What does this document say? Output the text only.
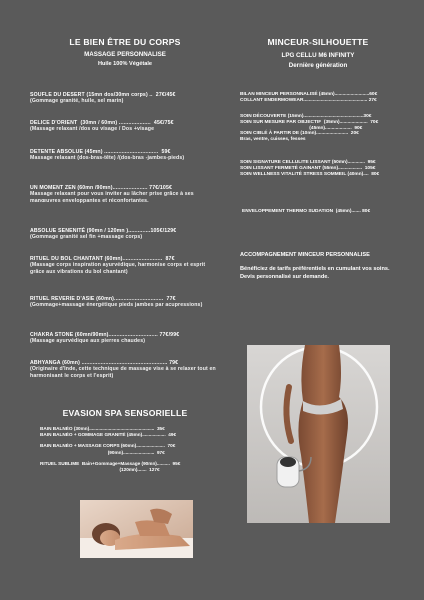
LE BIEN ÊTRE DU CORPS
MASSAGE PERSONNALISE
Huile 100% Végétale
SOUFLE DU DESERT (15mn dos/30mn corps) ..  27€/45€
(Gommage granité, huile, sel marin)
DELICE D'ORIENT  (30mn / 60mn) ....................  45€/75€
(Massage relaxant /dos ou visage / Dos +visage
DETENTE ABSOLUE (45mn) ..................................  59€
Massage relaxant (dos-bras-tête) /(dos-bras -jambes-pieds)
UN MOMENT ZEN (60mn /90mn)...................... 77€/105€
Massage relaxant pour vous inviter au lâcher prise grâce à ses manœuvres enveloppantes et réconfortantes.
ABSOLUE SENENITÉ (90mn / 120mn )..............105€/129€
(Gommage granité sel fin +massage corps)
RITUEL DU BOL CHANTANT (60mn).........................  87€
(Massage corps inspiration ayurvédique, harmonise corps et esprit grâce aux vibrations du bol chantant)
RITUEL REVERIE D'ASIE (60mn)...............................  77€
(Gommage+massage énergétique pieds jambes par acupressions)
CHAKRA STONE (60mn/90mn)............................... 77€/99€
(Massage ayurvédique aux pierres chaudes)
ABHYANGA (60mn) ...................................................... 79€
(Originaire d'Inde, cette technique de massage vise à se relaxer tout en harmonisant le corps et l'esprit)
EVASION SPA SENSORIELLE
BAIN BALNÉO (30mn)..................................................  35€
BAIN BALNÉO + GOMMAGE GRANITÉ (45mn)..................  49€
BAIN BALNÉO + MASSAGE CORPS (60mn)......................  70€
(90mn)........................  97€
RITUEL SUBLIME  Bain+Gommage+Massage (90mn)..........  95€
(120mn).......  127€
MINCEUR-SILHOUETTE
LPG CELLU M6 INFINITY
Dernière génération
BILAN MINCEUR PERSONNALISÉ (45mn)..........................60€
COLLANT ENDERMOWEAR................................................ 27€
SOIN DÉCOUVERTE (15mn).............................................30€
SOIN SUR MESURE PAR OBJECTIF  (35mn).....................  70€
(45mn)....................  90€
SOIN CIBLÉ À PARTIR DE (10mn)........................  20€
Bras, ventre, cuisses, fesses
SOIN SIGNATURE CELLULITE LISSANT (50mn).............  95€
SOIN LISSANT FERMETÉ GAINANT (55mn)..................  105€
SOIN WELLNESS VITALITÉ STRESS SOMMEIL (40mn)....  80€
ENVELOPPEMENT THERMO SUDATION  (45mn)....... 80€
ACCOMPAGNEMENT MINCEUR PERSONNALISE
Bénéficiez de tarifs préférentiels en cumulant vos soins.
Devis personnalisé sur demande.
